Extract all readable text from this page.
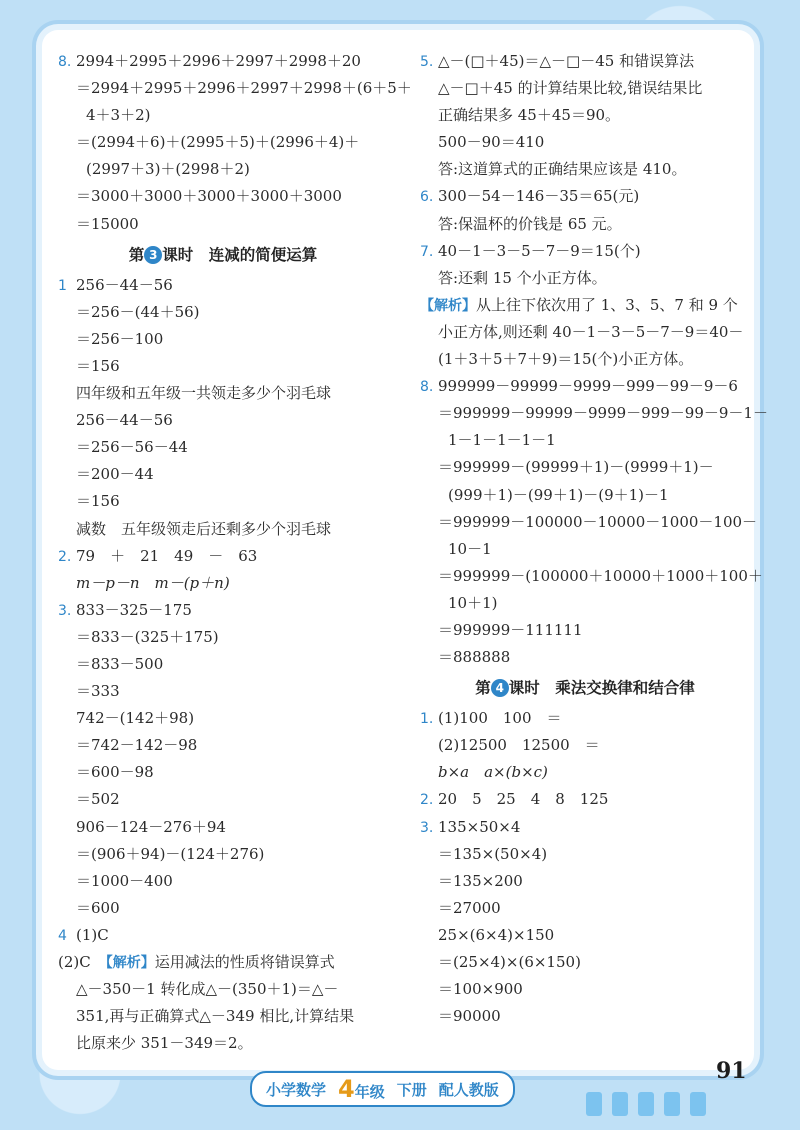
8. 2994＋2995＋2996＋2997＋2998＋20
＝2994＋2995＋2996＋2997＋2998＋(6＋5＋
4＋3＋2)
＝(2994＋6)＋(2995＋5)＋(2996＋4)＋
(2997＋3)＋(2998＋2)
＝3000＋3000＋3000＋3000＋3000
＝15000
第 3 课时　连减的简便运算
1 256－44－56
＝256－(44＋56)
＝256－100
＝156
四年级和五年级一共领走多少个羽毛球
256－44－56
＝256－56－44
＝200－44
＝156
减数　五年级领走后还剩多少个羽毛球
2. 79　＋　21　49　－　63
m－p－n　m－(p＋n)
3. 833－325－175
＝833－(325＋175)
＝833－500
＝333
742－(142＋98)
＝742－142－98
＝600－98
＝502
906－124－276＋94
＝(906＋94)－(124＋276)
＝1000－400
＝600
4 (1)C
(2)C　【解析】运用减法的性质将错误算式
△－350－1 转化成△－(350＋1)＝△－
351,再与正确算式△－349 相比,计算结果
比原来少 351－349＝2。
5. △－(□＋45)＝△－□－45 和错误算法
△－□＋45 的计算结果比较,错误结果比
正确结果多 45＋45＝90。
500－90＝410
答:这道算式的正确结果应该是 410。
6. 300－54－146－35＝65(元)
答:保温杯的价钱是 65 元。
7. 40－1－3－5－7－9＝15(个)
答:还剩 15 个小正方体。
【解析】从上往下依次用了 1、3、5、7 和 9 个
小正方体,则还剩 40－1－3－5－7－9＝40－
(1＋3＋5＋7＋9)＝15(个)小正方体。
8. 999999－99999－9999－999－99－9－6
＝999999－99999－9999－999－99－9－1－
1－1－1－1－1
＝999999－(99999＋1)－(9999＋1)－
(999＋1)－(99＋1)－(9＋1)－1
＝999999－100000－10000－1000－100－
10－1
＝999999－(100000＋10000＋1000＋100＋
10＋1)
＝999999－111111
＝888888
第 4 课时　乘法交换律和结合律
1. (1)100　100　＝
(2)12500　12500　＝
b×a　a×(b×c)
2. 20　5　25　4　8　125
3. 135×50×4
＝135×(50×4)
＝135×200
＝27000
25×(6×4)×150
＝(25×4)×(6×150)
＝100×900
＝90000
小学数学 4年级 下册 配人教版
91
